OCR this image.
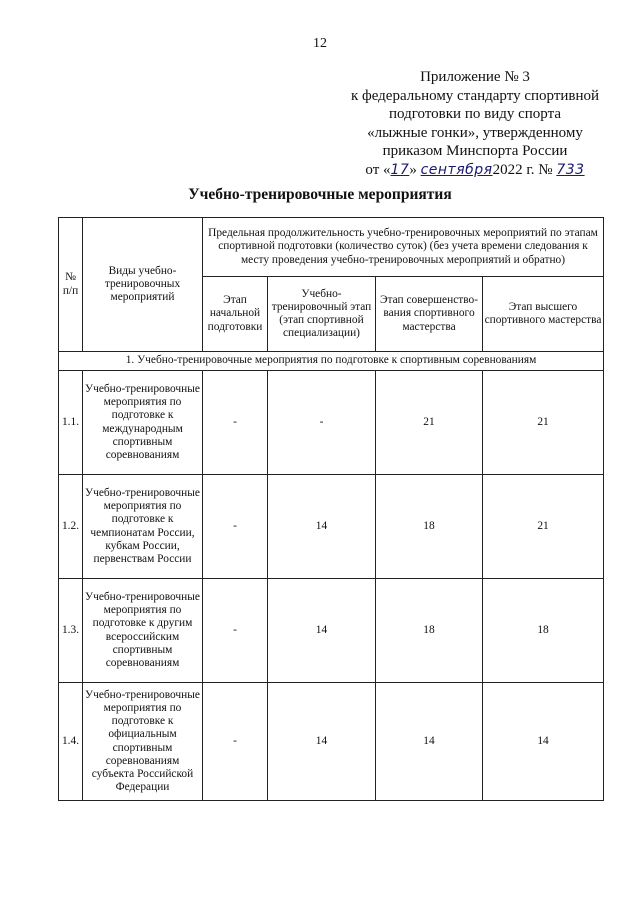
12
Приложение № 3
к федеральному стандарту спортивной
подготовки по виду спорта
«лыжные гонки», утвержденному
приказом Минспорта России
от «17» сентября2022 г. № 733
Учебно-тренировочные мероприятия
№ п/п	Виды учебно-тренировочных мероприятий	Предельная продолжительность учебно-тренировочных мероприятий по этапам спортивной подготовки (количество суток) (без учета времени следования к месту проведения учебно-тренировочных мероприятий и обратно)			
		Этап начальной подготовки	Учебно-тренировочный этап (этап спортивной специализации)	Этап совершенство-вания спортивного мастерства	Этап высшего спортивного мастерства
1. Учебно-тренировочные мероприятия по подготовке к спортивным соревнованиям					
1.1.	Учебно-тренировочные мероприятия по подготовке к международным спортивным соревнованиям	-	-	21	21
1.2.	Учебно-тренировочные мероприятия по подготовке к чемпионатам России, кубкам России, первенствам России	-	14	18	21
1.3.	Учебно-тренировочные мероприятия по подготовке к другим всероссийским спортивным соревнованиям	-	14	18	18
1.4.	Учебно-тренировочные мероприятия по подготовке к официальным спортивным соревнованиям субъекта Российской Федерации	-	14	14	14
